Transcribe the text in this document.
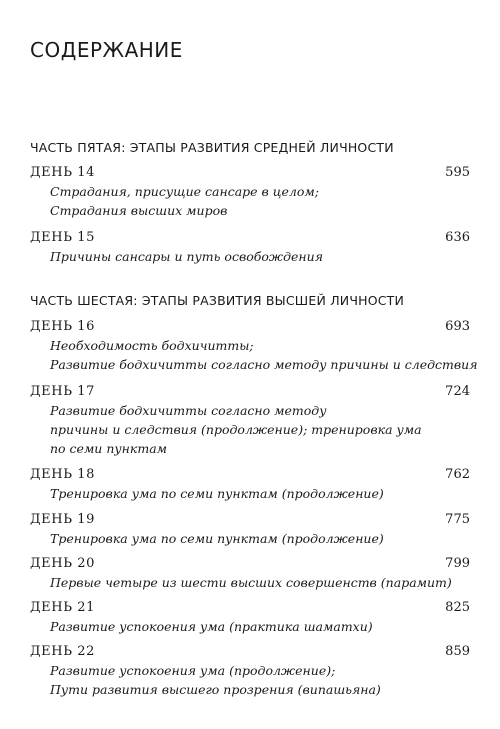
СОДЕРЖАНИЕ
ЧАСТЬ ПЯТАЯ: ЭТАПЫ РАЗВИТИЯ СРЕДНЕЙ ЛИЧНОСТИ
ДЕНЬ 14	595
Страдания, присущие сансаре в целом;
Страдания высших миров
ДЕНЬ 15	636
Причины сансары и путь освобождения
ЧАСТЬ ШЕСТАЯ: ЭТАПЫ РАЗВИТИЯ ВЫСШЕЙ ЛИЧНОСТИ
ДЕНЬ 16	693
Необходимость бодхичитты;
Развитие бодхичитты согласно методу причины и следствия
ДЕНЬ 17	724
Развитие бодхичитты согласно методу
причины и следствия (продолжение); тренировка ума
по семи пунктам
ДЕНЬ 18	762
Тренировка ума по семи пунктам (продолжение)
ДЕНЬ 19	775
Тренировка ума по семи пунктам (продолжение)
ДЕНЬ 20	799
Первые четыре из шести высших совершенств (парамит)
ДЕНЬ 21	825
Развитие успокоения ума (практика шаматхи)
ДЕНЬ 22	859
Развитие успокоения ума (продолжение);
Пути развития высшего прозрения (випашьяна)
